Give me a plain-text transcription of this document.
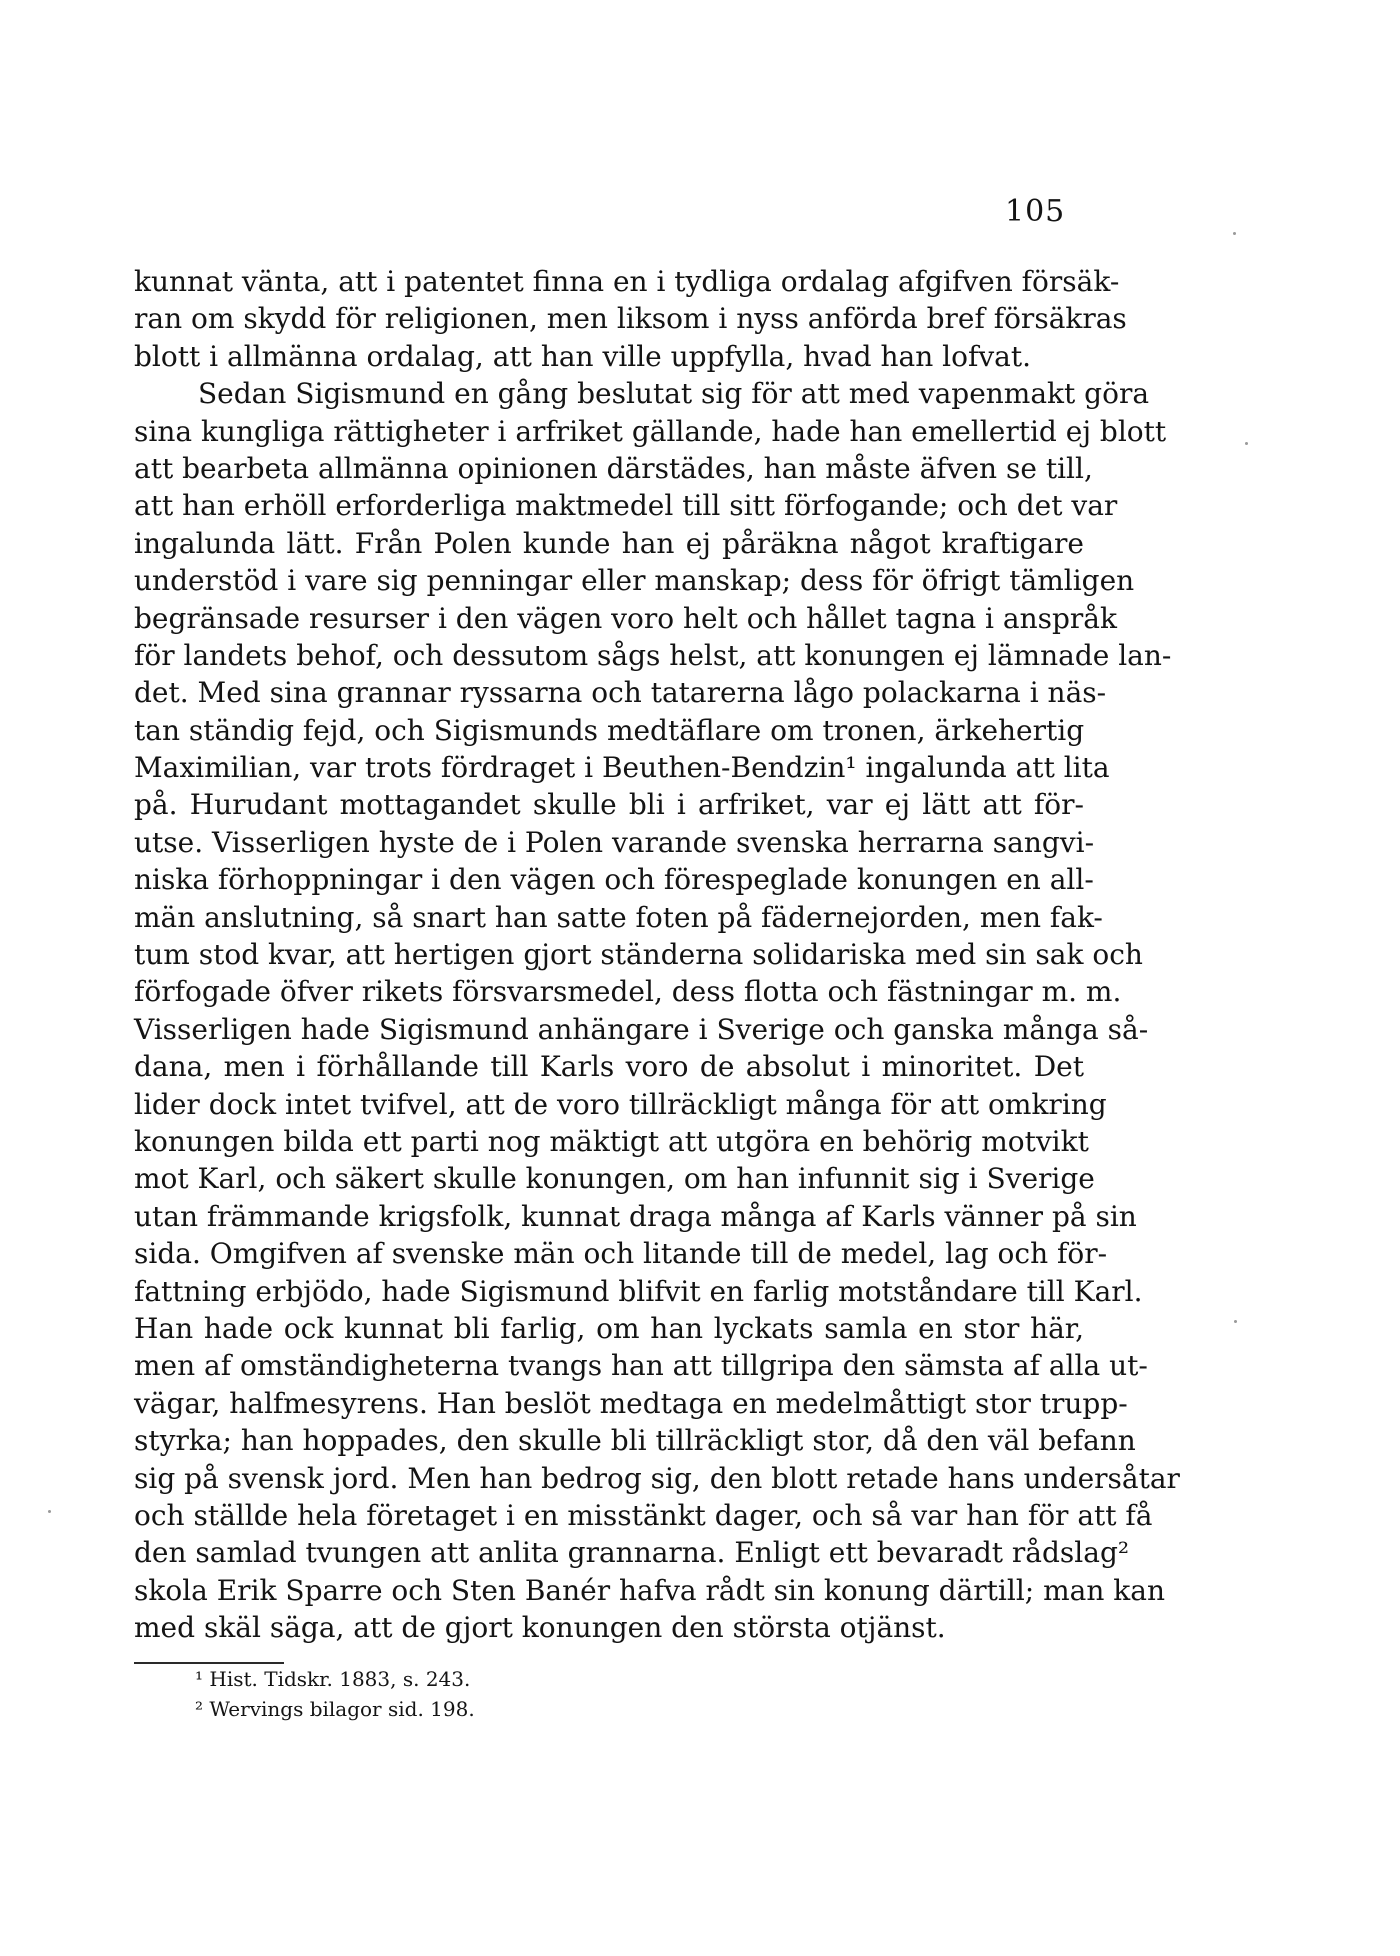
105
kunnat vänta, att i patentet finna en i tydliga ordalag afgifven försäk-
ran om skydd för religionen, men liksom i nyss anförda bref försäkras
blott i allmänna ordalag, att han ville uppfylla, hvad han lofvat.
Sedan Sigismund en gång beslutat sig för att med vapenmakt göra
sina kungliga rättigheter i arfriket gällande, hade han emellertid ej blott
att bearbeta allmänna opinionen därstädes, han måste äfven se till,
att han erhöll erforderliga maktmedel till sitt förfogande; och det var
ingalunda lätt. Från Polen kunde han ej påräkna något kraftigare
understöd i vare sig penningar eller manskap; dess för öfrigt tämligen
begränsade resurser i den vägen voro helt och hållet tagna i anspråk
för landets behof, och dessutom sågs helst, att konungen ej lämnade lan-
det. Med sina grannar ryssarna och tatarerna lågo polackarna i näs-
tan ständig fejd, och Sigismunds medtäflare om tronen, ärkehertig
Maximilian, var trots fördraget i Beuthen-Bendzin¹ ingalunda att lita
på. Hurudant mottagandet skulle bli i arfriket, var ej lätt att för-
utse. Visserligen hyste de i Polen varande svenska herrarna sangvi-
niska förhoppningar i den vägen och förespeglade konungen en all-
män anslutning, så snart han satte foten på fädernejorden, men fak-
tum stod kvar, att hertigen gjort ständerna solidariska med sin sak och
förfogade öfver rikets försvarsmedel, dess flotta och fästningar m. m.
Visserligen hade Sigismund anhängare i Sverige och ganska många så-
dana, men i förhållande till Karls voro de absolut i minoritet. Det
lider dock intet tvifvel, att de voro tillräckligt många för att omkring
konungen bilda ett parti nog mäktigt att utgöra en behörig motvikt
mot Karl, och säkert skulle konungen, om han infunnit sig i Sverige
utan främmande krigsfolk, kunnat draga många af Karls vänner på sin
sida. Omgifven af svenske män och litande till de medel, lag och för-
fattning erbjödo, hade Sigismund blifvit en farlig motståndare till Karl.
Han hade ock kunnat bli farlig, om han lyckats samla en stor här,
men af omständigheterna tvangs han att tillgripa den sämsta af alla ut-
vägar, halfmesyrens. Han beslöt medtaga en medelmåttigt stor trupp-
styrka; han hoppades, den skulle bli tillräckligt stor, då den väl befann
sig på svensk jord. Men han bedrog sig, den blott retade hans undersåtar
och ställde hela företaget i en misstänkt dager, och så var han för att få
den samlad tvungen att anlita grannarna. Enligt ett bevaradt rådslag²
skola Erik Sparre och Sten Banér hafva rådt sin konung därtill; man kan
med skäl säga, att de gjort konungen den största otjänst.
¹ Hist. Tidskr. 1883, s. 243.
² Wervings bilagor sid. 198.
